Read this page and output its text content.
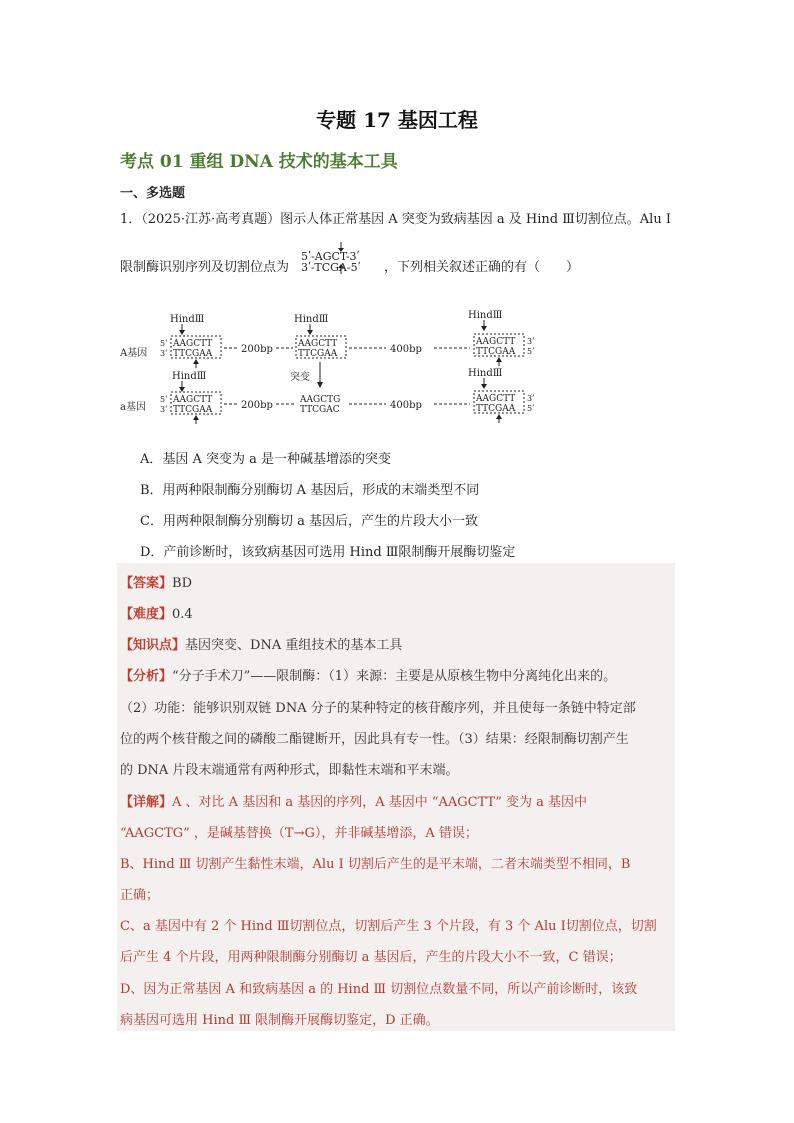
专题 17 基因工程
考点 01 重组 DNA 技术的基本工具
一、多选题
1．（2025·江苏·高考真题）图示人体正常基因 A 突变为致病基因 a 及 Hind Ⅲ切割位点。Alu Ⅰ
限制酶识别序列及切割位点为
5ʹ-AGCT-3ʹ
3ʹ-TCGA-5ʹ ，下列相关叙述正确的有（　　）
A基因
5ʹ
3ʹ
HindⅢ
AAGCTT
TTCGAA	200bp
HindⅢ
AAGCTT
TTCGAA	400bp
HindⅢ
AAGCTT
TTCGAA
3ʹ
5ʹ
突变
a基因
5ʹ
3ʹ
HindⅢ
AAGCTT
TTCGAA	200bp	AAGCTG
TTCGAC	400bp
HindⅢ
AAGCTT
TTCGAA
3ʹ
5ʹ
A．基因 A 突变为 a 是一种碱基增添的突变
B．用两种限制酶分别酶切 A 基因后，形成的末端类型不同
C．用两种限制酶分别酶切 a 基因后，产生的片段大小一致
D．产前诊断时，该致病基因可选用 Hind Ⅲ限制酶开展酶切鉴定
【答案】BD
【难度】0.4
【知识点】基因突变、DNA 重组技术的基本工具
【分析】“分子手术刀”——限制酶：（1）来源：主要是从原核生物中分离纯化出来的。
（2）功能：能够识别双链 DNA 分子的某种特定的核苷酸序列，并且使每一条链中特定部
位的两个核苷酸之间的磷酸二酯键断开，因此具有专一性。（3）结果：经限制酶切割产生
的 DNA 片段末端通常有两种形式，即黏性末端和平末端。
【详解】A 、对比 A 基因和 a 基因的序列，A 基因中 “AAGCTT” 变为 a 基因中
“AAGCTG” ，是碱基替换（T→G），并非碱基增添，A 错误；
B、Hind Ⅲ 切割产生黏性末端，Alu Ⅰ 切割后产生的是平末端，二者末端类型不相同，B
正确；
C、a 基因中有 2 个 Hind Ⅲ切割位点，切割后产生 3 个片段，有 3 个 Alu Ⅰ切割位点，切割
后产生 4 个片段，用两种限制酶分别酶切 a 基因后，产生的片段大小不一致，C 错误；
D、因为正常基因 A 和致病基因 a 的 Hind Ⅲ 切割位点数量不同，所以产前诊断时，该致
病基因可选用 Hind Ⅲ 限制酶开展酶切鉴定，D 正确。
